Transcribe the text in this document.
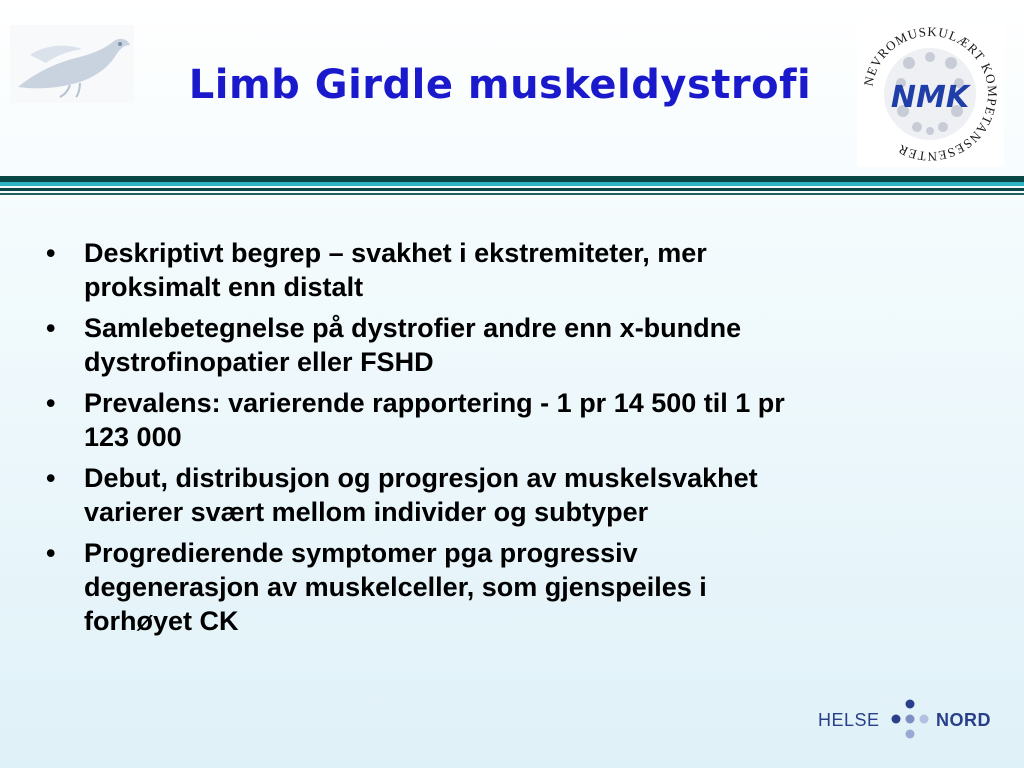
Limb Girdle muskeldystrofi	NEVROMUSKULÆRT KOMPETANSESENTER
NMK
• Deskriptivt begrep – svakhet i ekstremiteter, mer
proksimalt enn distalt
• Samlebetegnelse på dystrofier andre enn x-bundne
dystrofinopatier eller FSHD
• Prevalens: varierende rapportering - 1 pr 14 500 til 1 pr
123 000
• Debut, distribusjon og progresjon av muskelsvakhet
varierer svært mellom individer og subtyper
• Progredierende symptomer pga progressiv
degenerasjon av muskelceller, som gjenspeiles i
forhøyet CK
HELSE	NORD
